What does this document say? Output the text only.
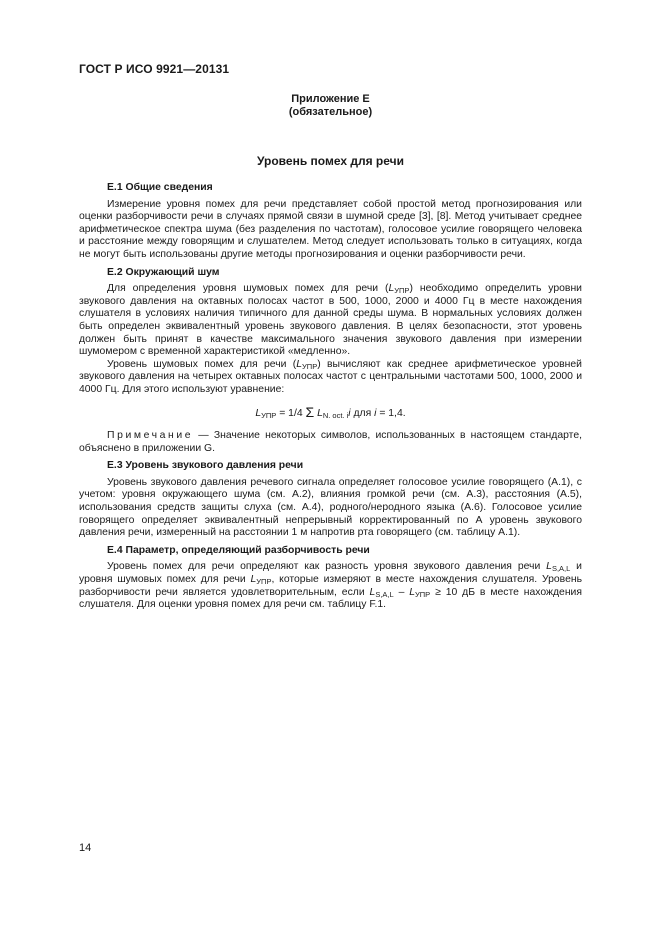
ГОСТ Р ИСО 9921—20131
Приложение Е
(обязательное)
Уровень помех для речи
Е.1 Общие сведения

Измерение уровня помех для речи представляет собой простой метод прогнозирования или оценки разборчивости речи в случаях прямой связи в шумной среде [3], [8]. Метод учитывает среднее арифметическое спектра шума (без разделения по частотам), голосовое усилие говорящего человека и расстояние между говорящим и слушателем. Метод следует использовать только в ситуациях, когда не могут быть использованы другие методы прогнозирования и оценки разборчивости речи.

Е.2 Окружающий шум

Для определения уровня шумовых помех для речи $(L_{УПР})$ необходимо определить уровни звукового давления на октавных полосах частот в 500, 1000, 2000 и 4000 Гц в месте нахождения слушателя в условиях наличия типичного для данной среды шума. В нормальных условиях должен быть определен эквивалентный уровень звукового давления. В целях безопасности, этот уровень должен быть принят в качестве максимального значения звукового давления при измерении шумомером с временной характеристикой «медленно».

Уровень шумовых помех для речи $(L_{УПР})$ вычисляют как среднее арифметическое уровней звукового давления на четырех октавных полосах частот с центральными частотами 500, 1000, 2000 и 4000 Гц. Для этого используют уравнение:

$L_{УПР} = 1/4$ Σ $L_{N. oct. i}i$ для i = 1,4.

Примечание — Значение некоторых символов, использованных в настоящем стандарте, объяснено в приложении G.

Е.3 Уровень звукового давления речи

Уровень звукового давления речевого сигнала определяет голосовое усилие говорящего (А.1), с учетом: уровня окружающего шума (см. А.2), влияния громкой речи (см. А.3), расстояния (А.5), использования средств защиты слуха (см. А.4), родного/неродного языка (А.6). Голосовое усилие говорящего определяет эквивалентный непрерывный корректированный по А уровень звукового давления речи, измеренный на расстоянии 1 м напротив рта говорящего (см. таблицу А.1).

Е.4 Параметр, определяющий разборчивость речи

Уровень помех для речи определяют как разность уровня звукового давления речи $L_{S,A,L}$ и уровня шумовых помех для речи $L_{УПР}$, которые измеряют в месте нахождения слушателя. Уровень разборчивости речи является удовлетворительным, если $L_{S,A,L} - L_{УПР} \ge 10$ дБ в месте нахождения слушателя. Для оценки уровня помех для речи см. таблицу F.1.

14
